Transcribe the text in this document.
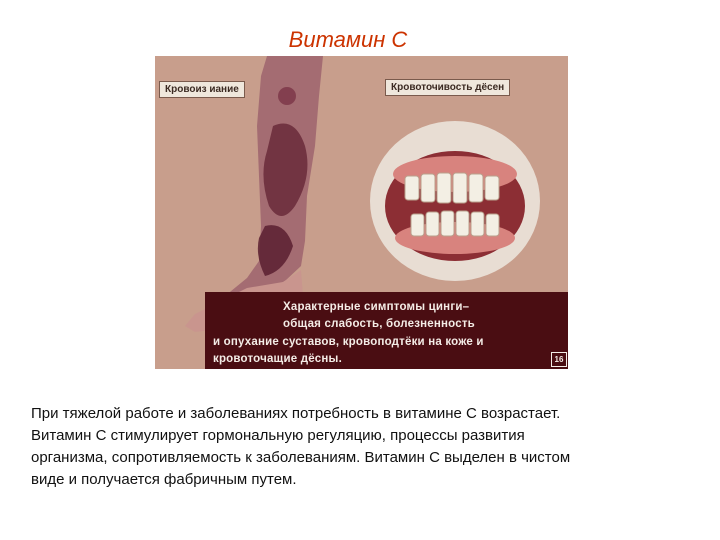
Витамин С
Кровоиз иание	Кровоточивость дёсен
Характерные симптомы цинги–
общая слабость, болезненность
и опухание суставов, кровоподтёки на коже и
кровоточащие дёсны.	16
При тяжелой работе и заболеваниях потребность в витамине С возрастает.
Витамин С стимулирует гормональную регуляцию, процессы развития
организма, сопротивляемость к заболеваниям. Витамин С выделен в чистом
виде и получается фабричным путем.
